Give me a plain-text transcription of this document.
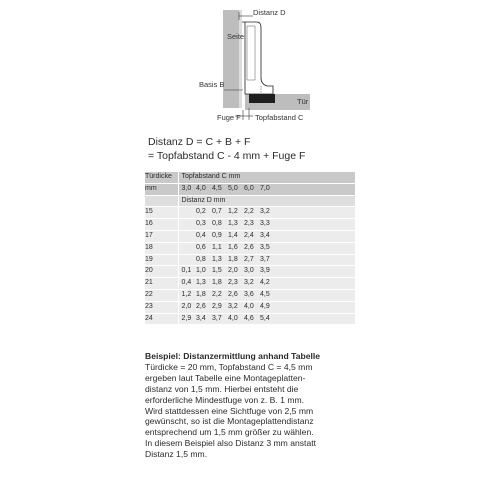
Distanz D
Seite
Basis B
Tür
Fuge F Topfabstand C
Distanz D = C + B + F
= Topfabstand C - 4 mm + Fuge F
Türdicke	Topfabstand C mm										
mm	3,0	4,0	4,5	5,0	6,0	7,0					
	Distanz D mm										
15		0,2	0,7	1,2	2,2	3,2					
16		0,3	0,8	1,3	2,3	3,3					
17		0,4	0,9	1,4	2,4	3,4					
18		0,6	1,1	1,6	2,6	3,5					
19		0,8	1,3	1,8	2,7	3,7					
20	0,1	1,0	1,5	2,0	3,0	3,9					
21	0,4	1,3	1,8	2,3	3,2	4,2					
22	1,2	1,8	2,2	2,6	3,6	4,5					
23	2,0	2,6	2,9	3,2	4,0	4,9					
24	2,9	3,4	3,7	4,0	4,6	5,4					
Beispiel: Distanzermittlung anhand Tabelle
Türdicke = 20 mm, Topfabstand C = 4,5 mm
ergeben laut Tabelle eine Montageplatten-
distanz von 1,5 mm. Hierbei entsteht die
erforderliche Mindestfuge von z. B. 1 mm.
Wird stattdessen eine Sichtfuge von 2,5 mm
gewünscht, so ist die Montageplattendistanz
entsprechend um 1,5 mm größer zu wählen.
In diesem Beispiel also Distanz 3 mm anstatt
Distanz 1,5 mm.
